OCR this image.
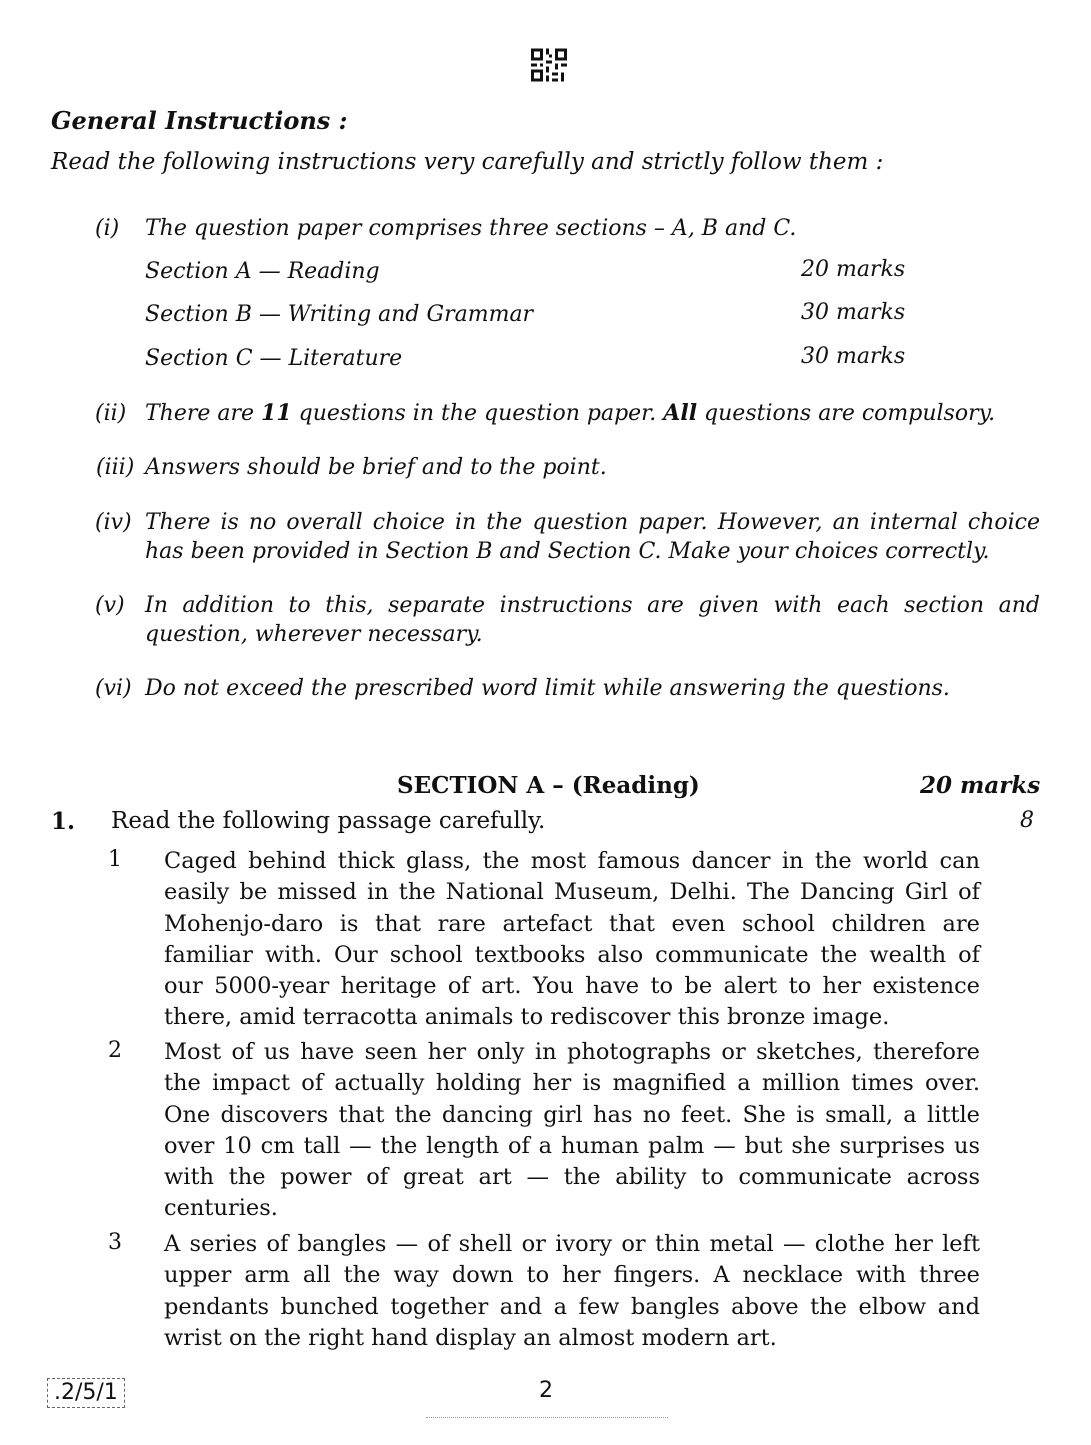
General Instructions :
Read the following instructions very carefully and strictly follow them :
(i) The question paper comprises three sections – A, B and C.
Section A — Reading	20 marks
Section B — Writing and Grammar	30 marks
Section C — Literature	30 marks
(ii) There are 11 questions in the question paper. All questions are compulsory.
(iii) Answers should be brief and to the point.
(iv) There is no overall choice in the question paper. However, an internal choice has been provided in Section B and Section C. Make your choices correctly.
(v) In addition to this, separate instructions are given with each section and question, wherever necessary.
(vi) Do not exceed the prescribed word limit while answering the questions.
SECTION A – (Reading)	20 marks
1. Read the following passage carefully.	8
1 Caged behind thick glass, the most famous dancer in the world can easily be missed in the National Museum, Delhi. The Dancing Girl of Mohenjo-daro is that rare artefact that even school children are familiar with. Our school textbooks also communicate the wealth of our 5000-year heritage of art. You have to be alert to her existence there, amid terracotta animals to rediscover this bronze image.
2 Most of us have seen her only in photographs or sketches, therefore the impact of actually holding her is magnified a million times over. One discovers that the dancing girl has no feet. She is small, a little over 10 cm tall — the length of a human palm — but she surprises us with the power of great art — the ability to communicate across centuries.
3 A series of bangles — of shell or ivory or thin metal — clothe her left upper arm all the way down to her fingers. A necklace with three pendants bunched together and a few bangles above the elbow and wrist on the right hand display an almost modern art.
.2/5/1	2
